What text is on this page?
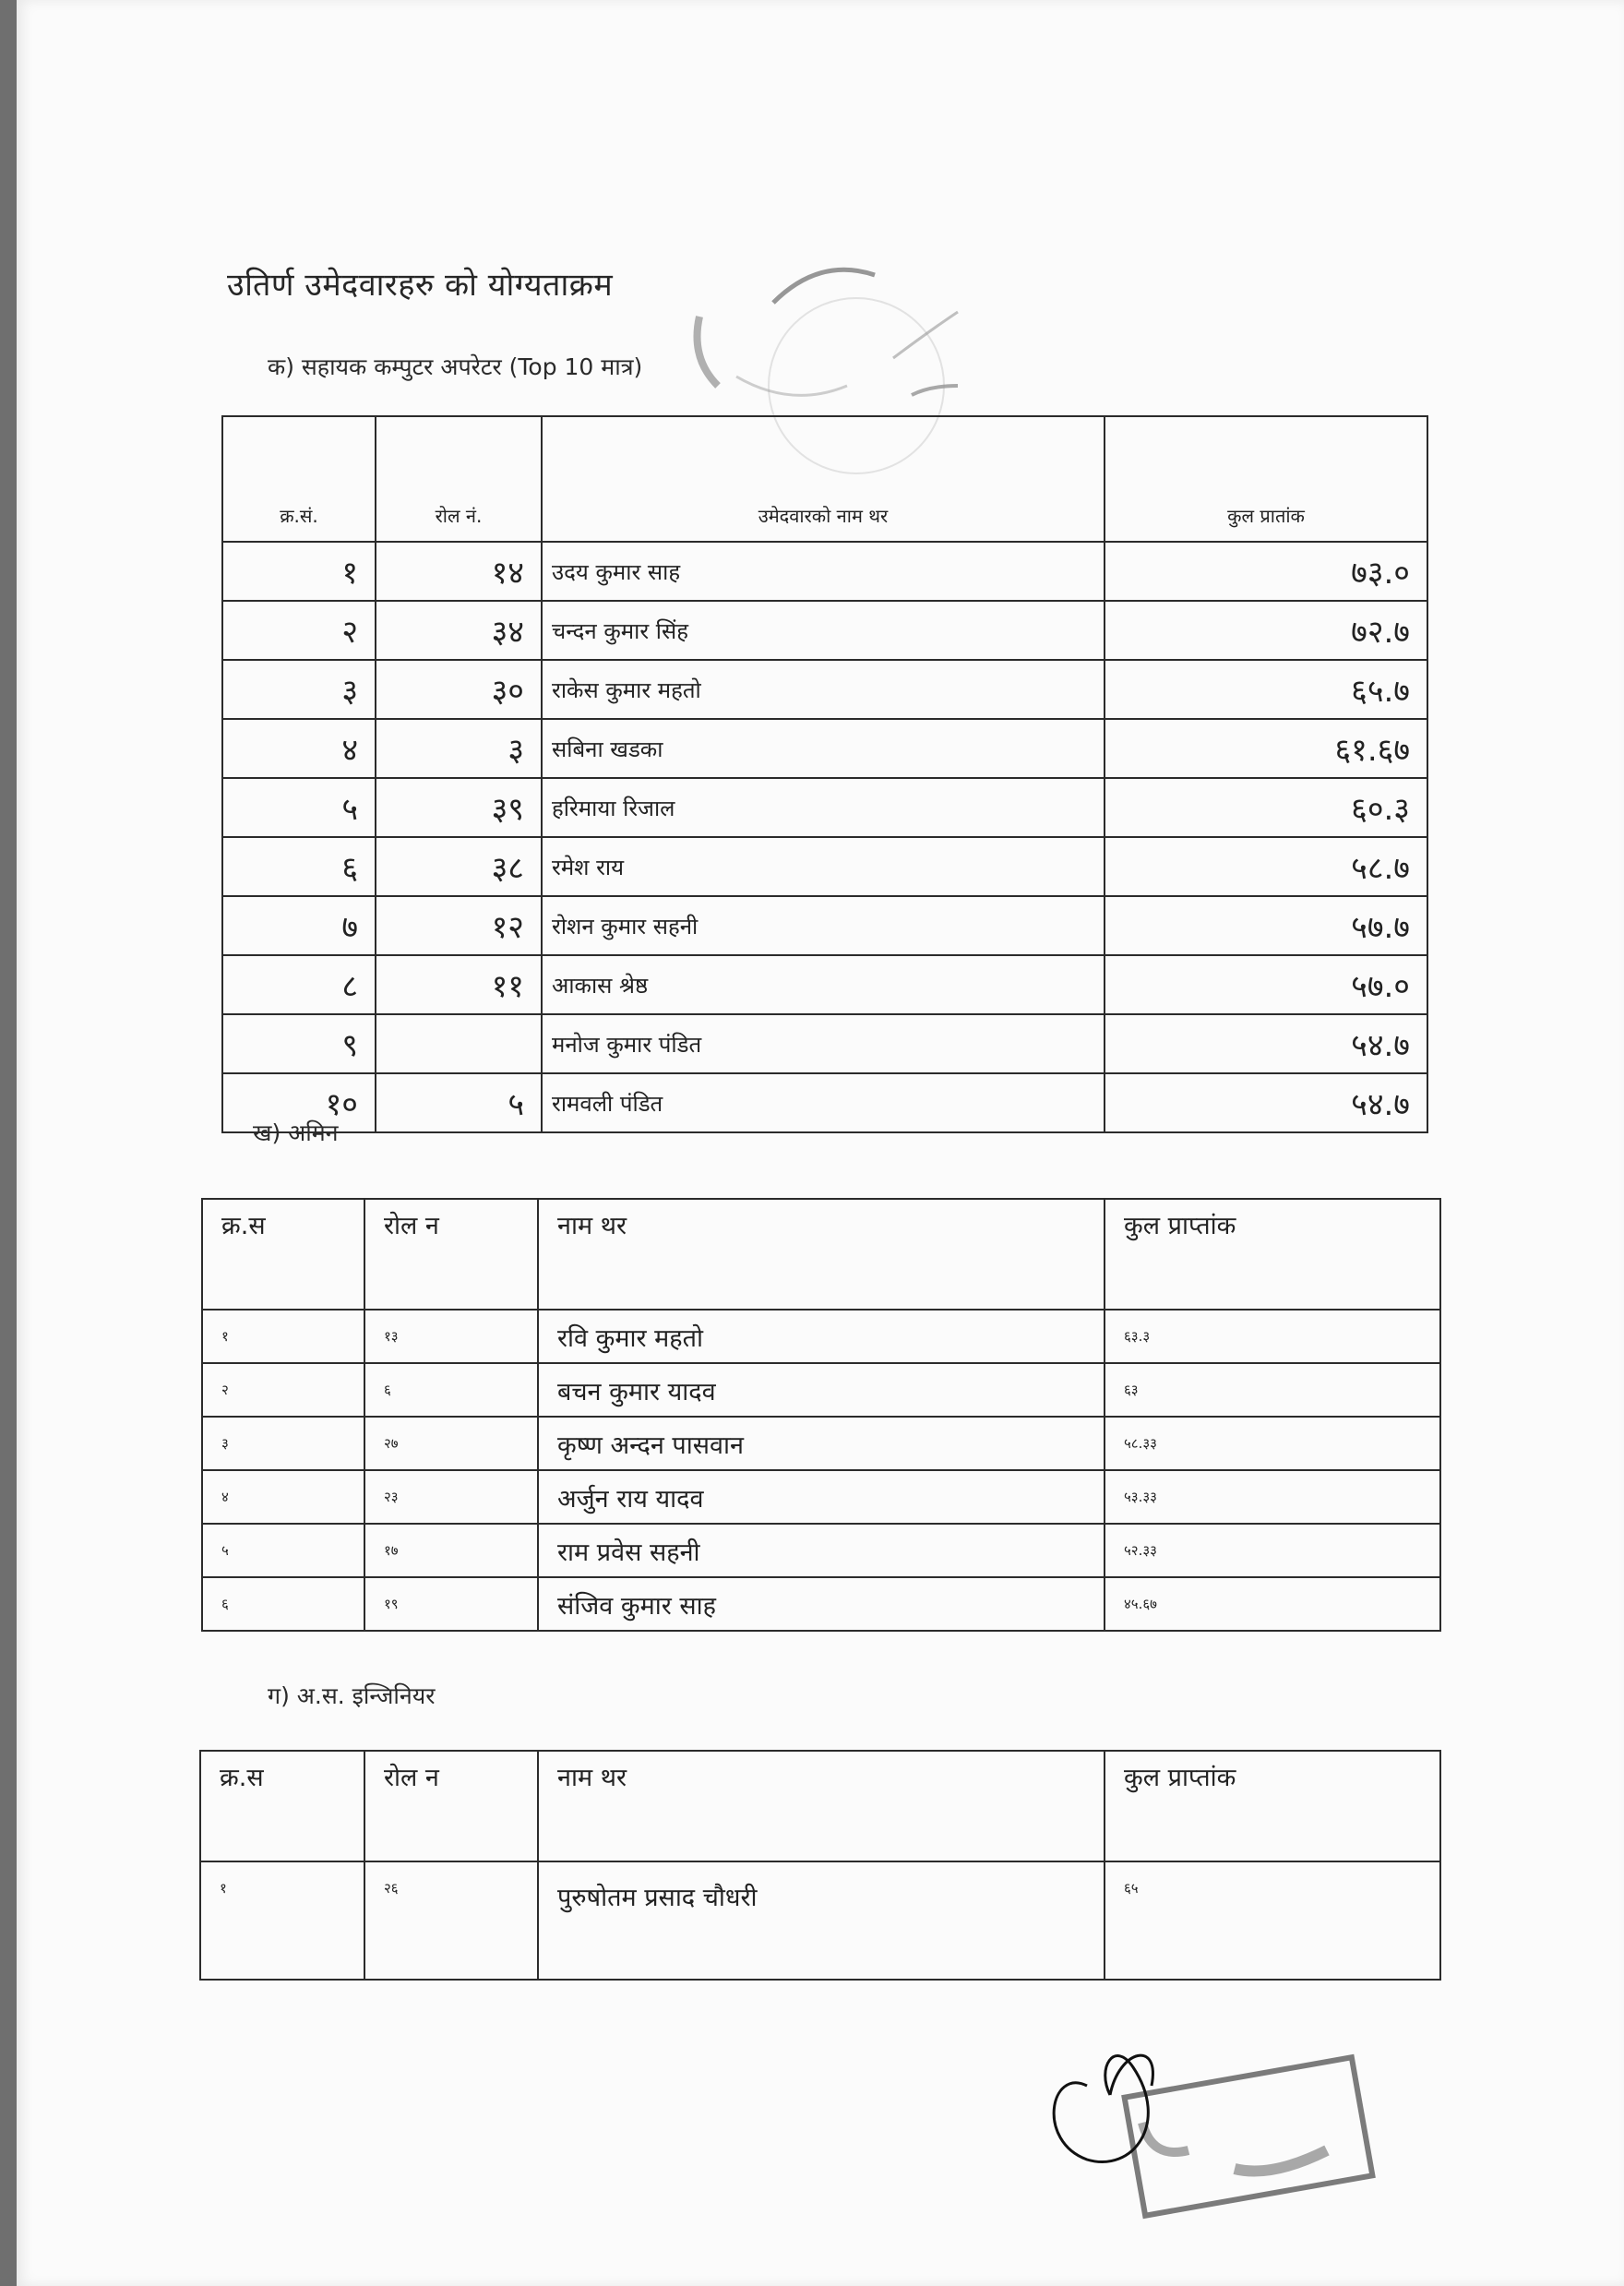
उतिर्ण उमेदवारहरु को योग्यताक्रम
क) सहायक कम्पुटर अपरेटर (Top 10 मात्र)
क्र.सं.	रोल नं.	उमेदवारको नाम थर	कुल प्रातांक
१	१४	उदय कुमार साह	७३.०
२	३४	चन्दन कुमार सिंह	७२.७
३	३०	राकेस कुमार महतो	६५.७
४	३	सबिना खडका	६१.६७
५	३९	हरिमाया रिजाल	६०.३
६	३८	रमेश राय	५८.७
७	१२	रोशन कुमार सहनी	५७.७
८	११	आकास श्रेष्ठ	५७.०
९		मनोज कुमार पंडित	५४.७
१०	५	रामवली पंडित	५४.७
ख) अमिन
क्र.स	रोल न	नाम थर	कुल प्राप्तांक
१	१३	रवि कुमार महतो	६३.३
२	६	बचन कुमार यादव	६३
३	२७	कृष्ण अन्दन पासवान	५८.३३
४	२३	अर्जुन राय यादव	५३.३३
५	१७	राम प्रवेस सहनी	५२.३३
६	१९	संजिव कुमार साह	४५.६७
ग) अ.स. इन्जिनियर
क्र.स	रोल न	नाम थर	कुल प्राप्तांक
१	२६	पुरुषोतम प्रसाद चौधरी	६५
